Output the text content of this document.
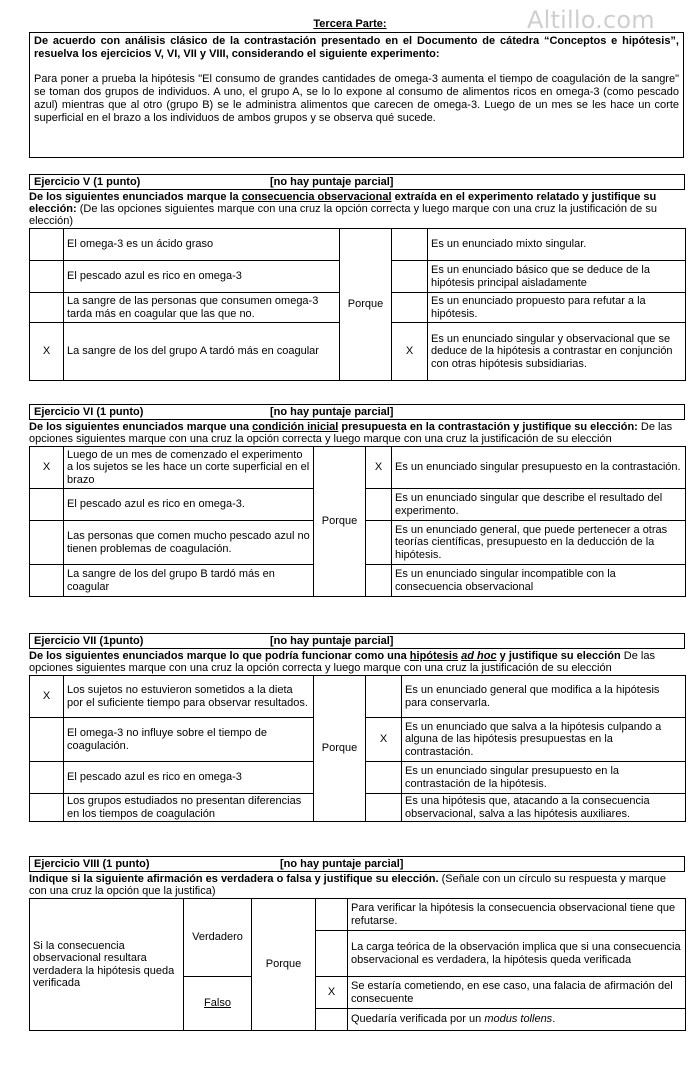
Altillo.com
Tercera Parte:

De acuerdo con análisis clásico de la contrastación presentado en el Documento de cátedra “Conceptos e hipótesis”, resuelva los ejercicios V, VI, VII y VIII, considerando el siguiente experimento:

Para poner a prueba la hipótesis "El consumo de grandes cantidades de omega-3 aumenta el tiempo de coagulación de la sangre" se toman dos grupos de individuos. A uno, el grupo A, se lo lo expone al consumo de alimentos ricos en omega-3 (como pescado azul) mientras que al otro (grupo B) se le administra alimentos que carecen de omega-3. Luego de un mes se les hace un corte superficial en el brazo a los individuos de ambos grupos y se observa qué sucede.

Ejercicio V (1 punto)	[no hay puntaje parcial]
De los siguientes enunciados marque la consecuencia observacional extraída en el experimento relatado y justifique su elección: (De las opciones siguientes marque con una cruz la opción correcta y luego marque con una cruz la justificación de su elección)
	El omega-3 es un ácido graso	Porque		Es un enunciado mixto singular.
	El pescado azul es rico en omega-3			Es un enunciado básico que se deduce de la hipótesis principal aisladamente
	La sangre de las personas que consumen omega-3 tarda más en coagular que las que no.			Es un enunciado propuesto para refutar a la hipótesis.
X	La sangre de los del grupo A tardó más en coagular		X	Es un enunciado singular y observacional que se deduce de la hipótesis a contrastar en conjunción con otras hipótesis subsidiarias.
Ejercicio VI (1 punto)	[no hay puntaje parcial]
De los siguientes enunciados marque una condición inicial presupuesta en la contrastación y justifique su elección: De las opciones siguientes marque con una cruz la opción correcta y luego marque con una cruz la justificación de su elección
X	Luego de un mes de comenzado el experimento a los sujetos se les hace un corte superficial en el brazo	Porque	X	Es un enunciado singular presupuesto en la contrastación.
	El pescado azul es rico en omega-3.			Es un enunciado singular que describe el resultado del experimento.
	Las personas que comen mucho pescado azul no tienen problemas de coagulación.			Es un enunciado general, que puede pertenecer a otras teorías científicas, presupuesto en la deducción de la hipótesis.
	La sangre de los del grupo B tardó más en coagular			Es un enunciado singular incompatible con la consecuencia observacional
Ejercicio VII (1punto)	[no hay puntaje parcial]
De los siguientes enunciados marque lo que podría funcionar como una hipótesis ad hoc y justifique su elección De las opciones siguientes marque con una cruz la opción correcta y luego marque con una cruz la justificación de su elección
X	Los sujetos no estuvieron sometidos a la dieta por el suficiente tiempo para observar resultados.	Porque		Es un enunciado general que modifica a la hipótesis para conservarla.
	El omega-3 no influye sobre el tiempo de coagulación.		X	Es un enunciado que salva a la hipótesis culpando a alguna de las hipótesis presupuestas en la contrastación.
	El pescado azul es rico en omega-3			Es un enunciado singular presupuesto en la contrastación de la hipótesis.
	Los grupos estudiados no presentan diferencias en los tiempos de coagulación			Es una hipótesis que, atacando a la consecuencia observacional, salva a las hipótesis auxiliares.
Ejercicio VIII (1 punto)	[no hay puntaje parcial]
Indique si la siguiente afirmación es verdadera o falsa y justifique su elección. (Señale con un círculo su respuesta y marque con una cruz la opción que la justifica)
Si la consecuencia observacional resultara verdadera la hipótesis queda verificada	Verdadero	Porque		Para verificar la hipótesis la consecuencia observacional tiene que refutarse.
				La carga teórica de la observación implica que si una consecuencia observacional es verdadera, la hipótesis queda verificada
	Falso		X	Se estaría cometiendo, en ese caso, una falacia de afirmación del consecuente
				Quedaría verificada por un modus tollens.
